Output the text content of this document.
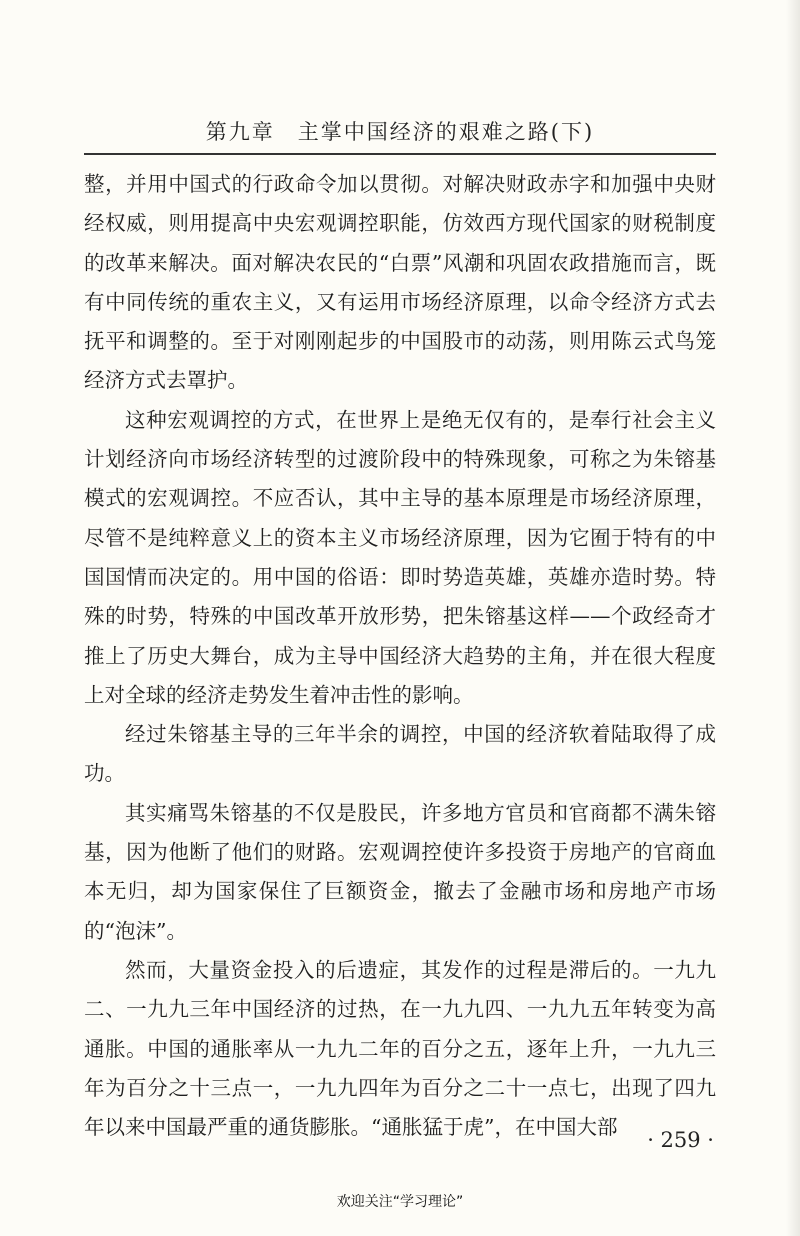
第九章　主掌中国经济的艰难之路(下)

整，并用中国式的行政命令加以贯彻。对解决财政赤字和加强中央财经权威，则用提高中央宏观调控职能，仿效西方现代国家的财税制度的改革来解决。面对解决农民的“白票”风潮和巩固农政措施而言，既有中同传统的重农主义，又有运用市场经济原理，以命令经济方式去抚平和调整的。至于对刚刚起步的中国股市的动荡，则用陈云式鸟笼经济方式去罩护。

这种宏观调控的方式，在世界上是绝无仅有的，是奉行社会主义计划经济向市场经济转型的过渡阶段中的特殊现象，可称之为朱镕基模式的宏观调控。不应否认，其中主导的基本原理是市场经济原理，尽管不是纯粹意义上的资本主义市场经济原理，因为它囿于特有的中国国情而决定的。用中国的俗语：即时势造英雄，英雄亦造时势。特殊的时势，特殊的中国改革开放形势，把朱镕基这样——个政经奇才推上了历史大舞台，成为主导中国经济大趋势的主角，并在很大程度上对全球的经济走势发生着冲击性的影响。

经过朱镕基主导的三年半余的调控，中国的经济软着陆取得了成功。

其实痛骂朱镕基的不仅是股民，许多地方官员和官商都不满朱镕基，因为他断了他们的财路。宏观调控使许多投资于房地产的官商血本无归，却为国家保住了巨额资金，撤去了金融市场和房地产市场的“泡沫”。

然而，大量资金投入的后遗症，其发作的过程是滞后的。一九九二、一九九三年中国经济的过热，在一九九四、一九九五年转变为高通胀。中国的通胀率从一九九二年的百分之五，逐年上升，一九九三年为百分之十三点一，一九九四年为百分之二十一点七，出现了四九年以来中国最严重的通货膨胀。“通胀猛于虎”，在中国大部

· 259 ·
欢迎关注“学习理论”
